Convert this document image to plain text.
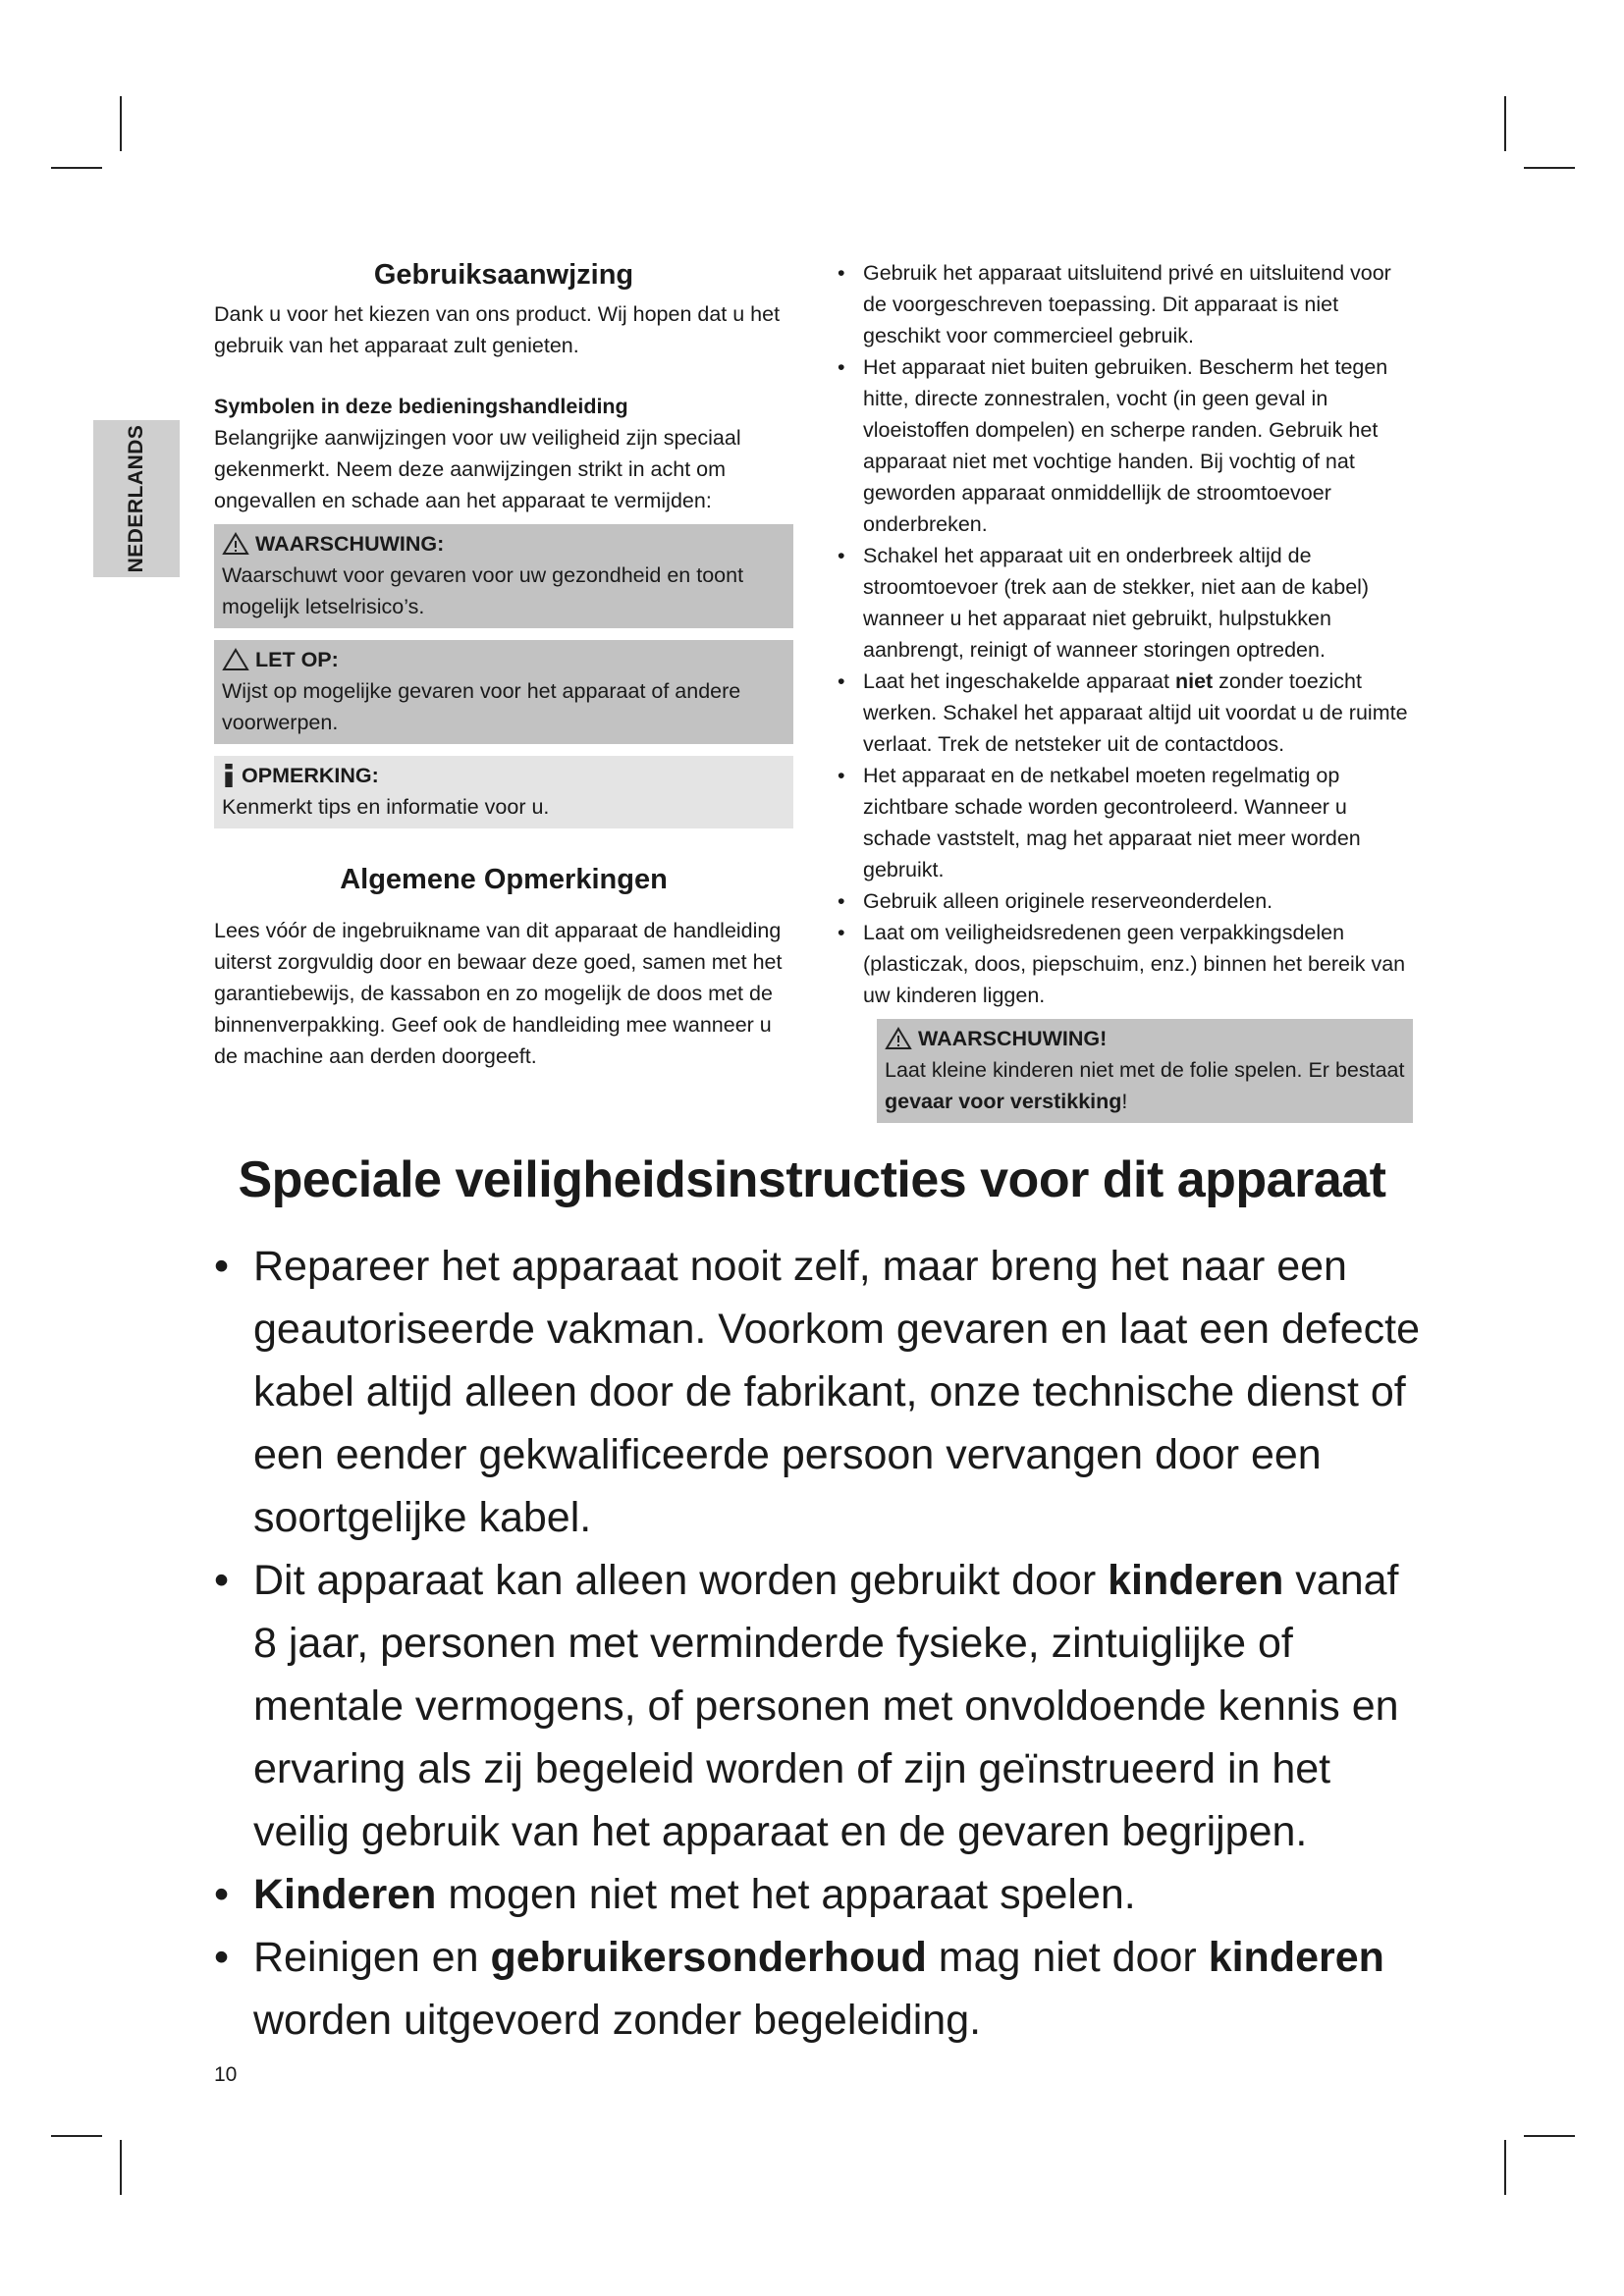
NEDERLANDS
Gebruiksaanwjzing

Dank u voor het kiezen van ons product. Wij hopen dat u het gebruik van het apparaat zult genieten.

Symbolen in deze bedieningshandleiding

Belangrijke aanwijzingen voor uw veiligheid zijn speciaal gekenmerkt. Neem deze aanwijzingen strikt in acht om ongevallen en schade aan het apparaat te vermijden:

WAARSCHUWING:
Waarschuwt voor gevaren voor uw gezondheid en toont mogelijk letselrisico’s.
LET OP:
Wijst op mogelijke gevaren voor het apparaat of andere voorwerpen.
OPMERKING:
Kenmerkt tips en informatie voor u.
Algemene Opmerkingen

Lees vóór de ingebruikname van dit apparaat de handleiding uiterst zorgvuldig door en bewaar deze goed, samen met het garantiebewijs, de kassabon en zo mogelijk de doos met de binnenverpakking. Geef ook de handleiding mee wanneer u de machine aan derden doorgeeft.

• Gebruik het apparaat uitsluitend privé en uitsluitend voor de voorgeschreven toepassing. Dit apparaat is niet geschikt voor commercieel gebruik.
• Het apparaat niet buiten gebruiken. Bescherm het tegen hitte, directe zonnestralen, vocht (in geen geval in vloeistoffen dompelen) en scherpe randen. Gebruik het apparaat niet met vochtige handen. Bij vochtig of nat geworden apparaat onmiddellijk de stroomtoevoer onderbreken.
• Schakel het apparaat uit en onderbreek altijd de stroomtoevoer (trek aan de stekker, niet aan de kabel) wanneer u het apparaat niet gebruikt, hulpstukken aanbrengt, reinigt of wanneer storingen optreden.
• Laat het ingeschakelde apparaat niet zonder toezicht werken. Schakel het apparaat altijd uit voordat u de ruimte verlaat. Trek de netsteker uit de contactdoos.
• Het apparaat en de netkabel moeten regelmatig op zichtbare schade worden gecontroleerd. Wanneer u schade vaststelt, mag het apparaat niet meer worden gebruikt.
• Gebruik alleen originele reserveonderdelen.
• Laat om veiligheidsredenen geen verpakkingsdelen (plasticzak, doos, piepschuim, enz.) binnen het bereik van uw kinderen liggen.
WAARSCHUWING!
Laat kleine kinderen niet met de folie spelen. Er bestaat gevaar voor verstikking!
Speciale veiligheidsinstructies voor dit apparaat
• Repareer het apparaat nooit zelf, maar breng het naar een geautoriseerde vakman. Voorkom gevaren en laat een defecte kabel altijd alleen door de fabrikant, onze technische dienst of een eender gekwalificeerde persoon vervangen door een soortgelijke kabel.
• Dit apparaat kan alleen worden gebruikt door kinderen vanaf 8 jaar, personen met verminderde fysieke, zintuiglijke of mentale vermogens, of personen met onvoldoende kennis en ervaring als zij begeleid worden of zijn geïnstrueerd in het veilig gebruik van het apparaat en de gevaren begrijpen.
• Kinderen mogen niet met het apparaat spelen.
• Reinigen en gebruikersonderhoud mag niet door kinderen worden uitgevoerd zonder begeleiding.
10
